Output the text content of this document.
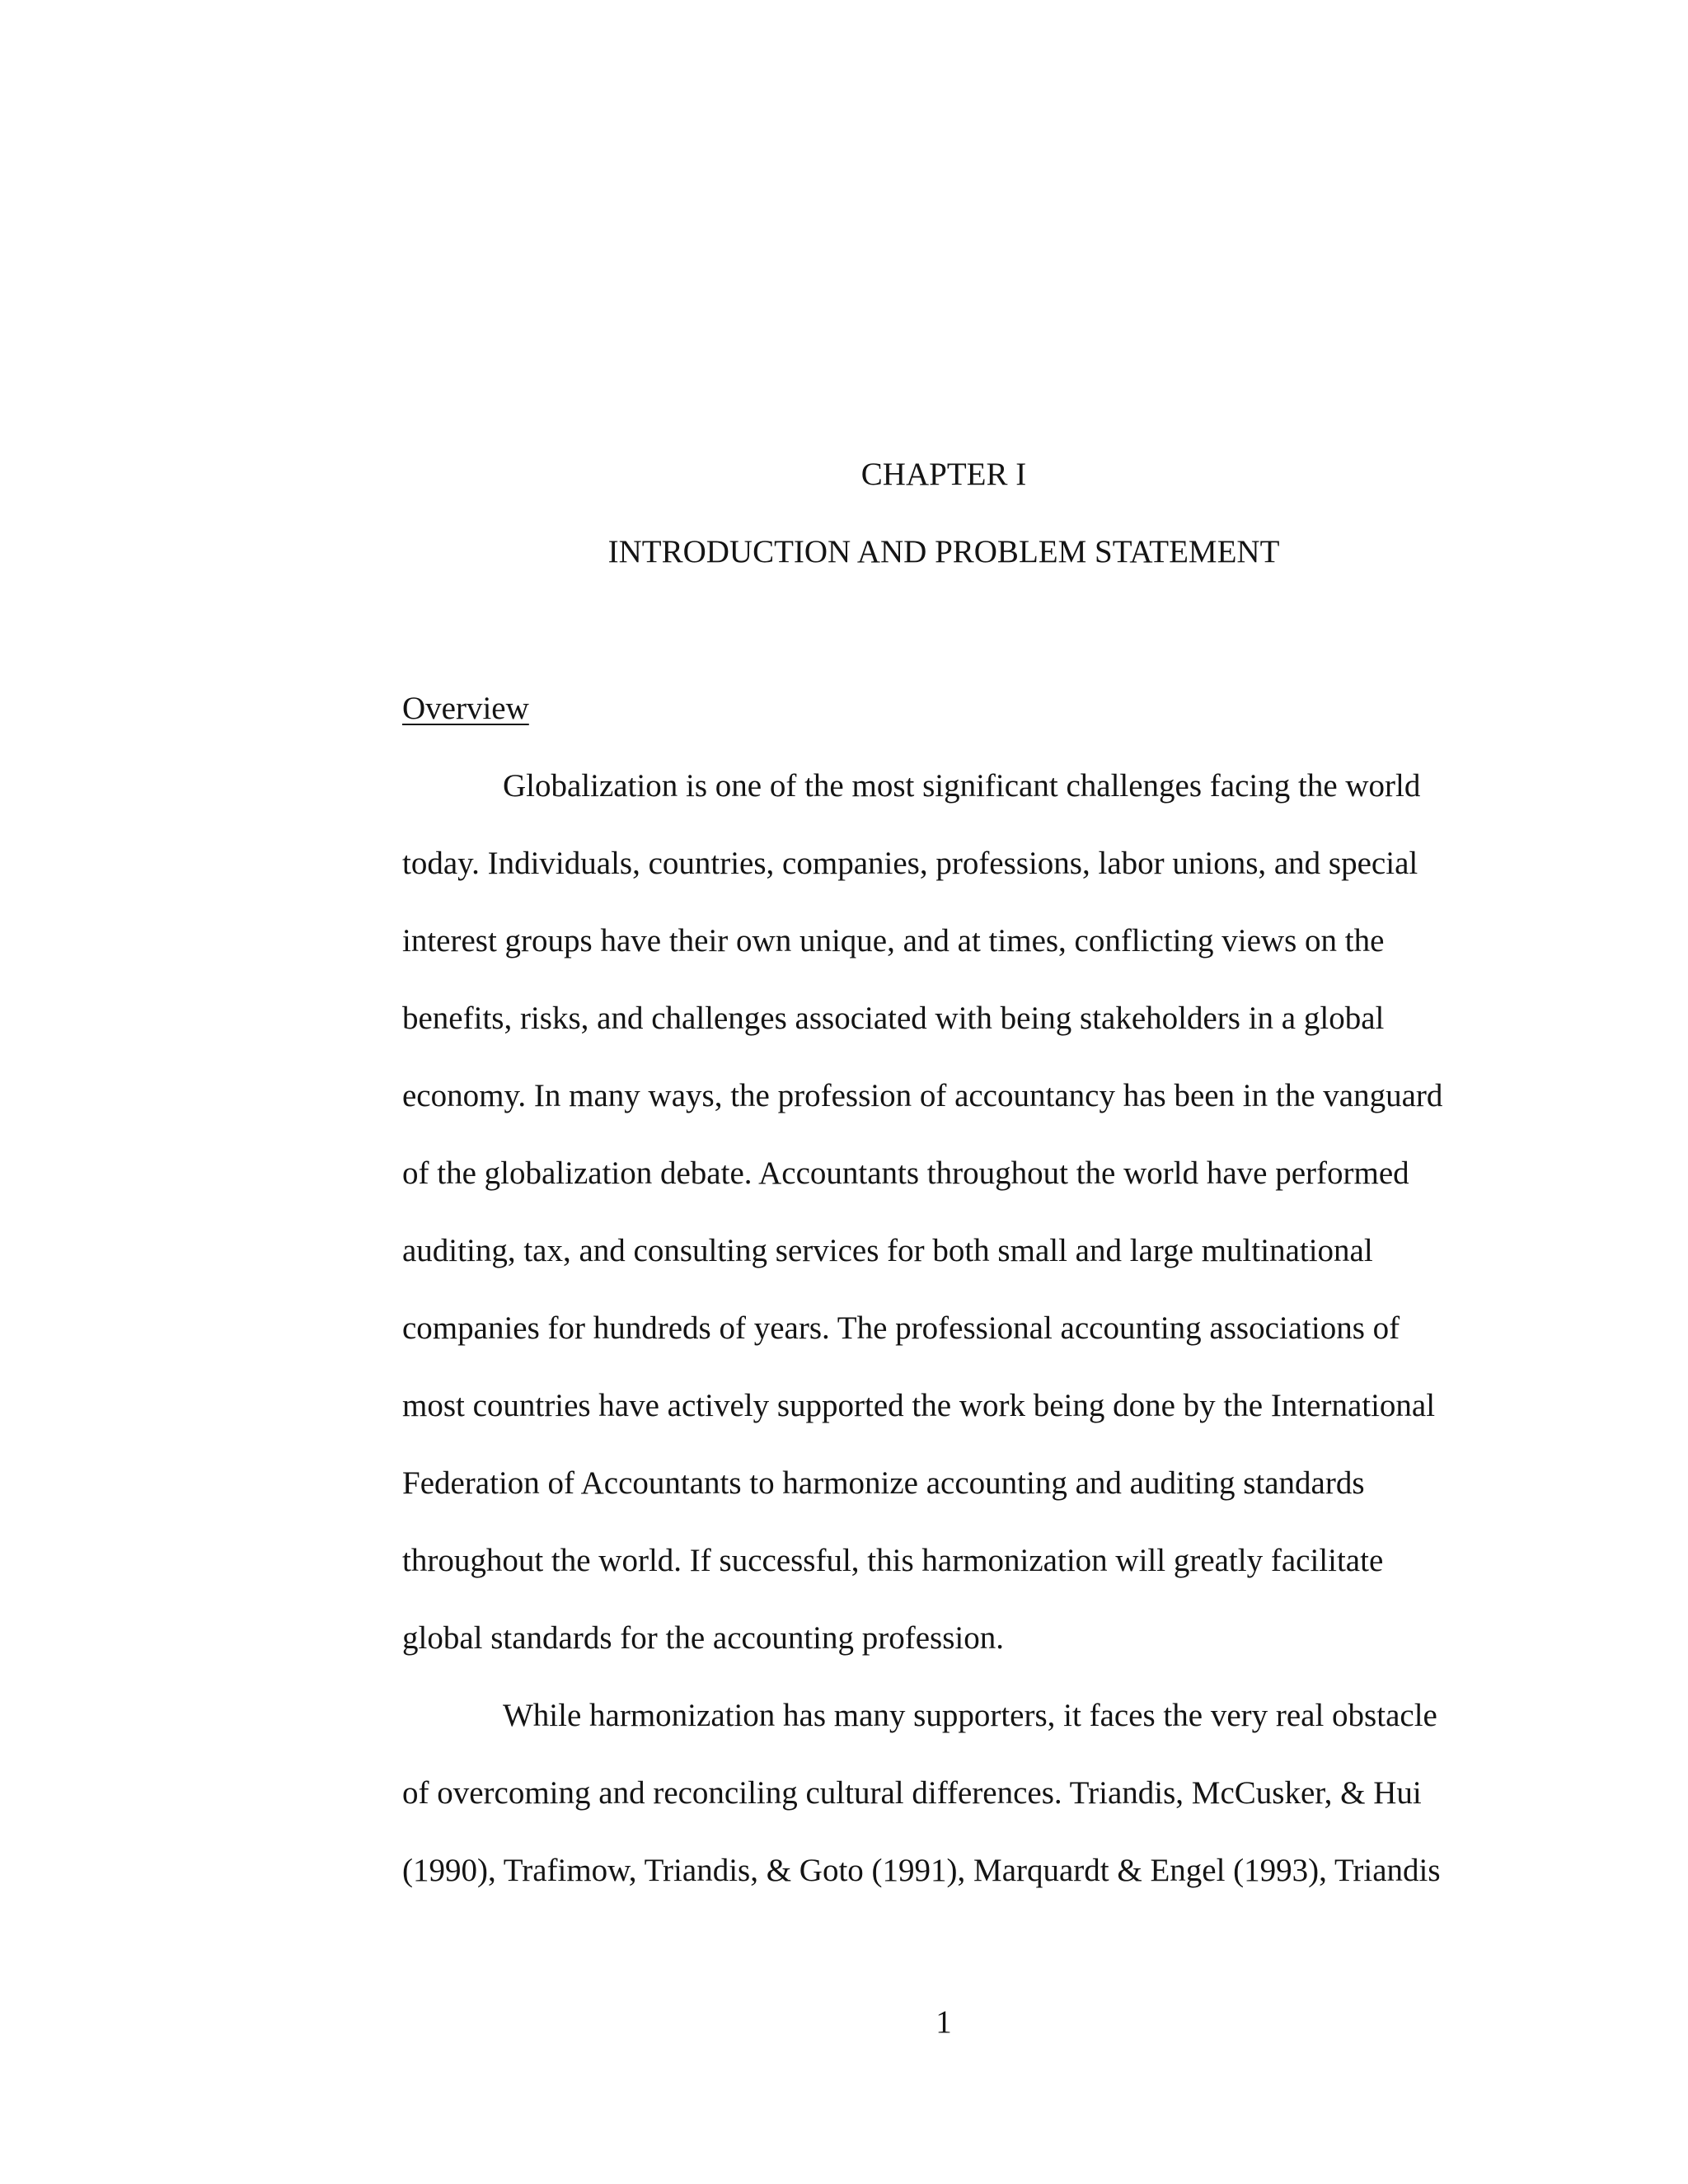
CHAPTER I
INTRODUCTION AND PROBLEM STATEMENT
Overview
Globalization is one of the most significant challenges facing the world
today. Individuals, countries, companies, professions, labor unions, and special
interest groups have their own unique, and at times, conflicting views on the
benefits, risks, and challenges associated with being stakeholders in a global
economy. In many ways, the profession of accountancy has been in the vanguard
of the globalization debate. Accountants throughout the world have performed
auditing, tax, and consulting services for both small and large multinational
companies for hundreds of years. The professional accounting associations of
most countries have actively supported the work being done by the International
Federation of Accountants to harmonize accounting and auditing standards
throughout the world. If successful, this harmonization will greatly facilitate
global standards for the accounting profession.
While harmonization has many supporters, it faces the very real obstacle
of overcoming and reconciling cultural differences. Triandis, McCusker, & Hui
(1990), Trafimow, Triandis, & Goto (1991), Marquardt & Engel (1993), Triandis
1
